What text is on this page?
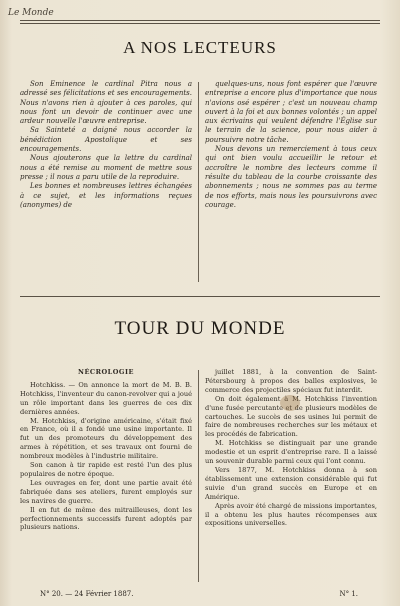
Le Monde
A NOS LECTEURS

Son Éminence le cardinal Pitra nous a adressé ses félicitations et ses encouragements. Nous n'avons rien à ajouter à ces paroles, qui nous font un devoir de continuer avec une ardeur nouvelle l'œuvre entreprise.

Sa Sainteté a daigné nous accorder la bénédiction Apostolique et ses encouragements.

Nous ajouterons que la lettre du cardinal nous a été remise au moment de mettre sous presse ; il nous a paru utile de la reproduire.

Les bonnes et nombreuses lettres échangées à ce sujet, et les informations reçues (anonymes) de

quelques-uns, nous font espérer que l'œuvre entreprise a encore plus d'importance que nous n'avions osé espérer ; c'est un nouveau champ ouvert à la foi et aux bonnes volontés ; un appel aux écrivains qui veulent défendre l'Église sur le terrain de la science, pour nous aider à poursuivre notre tâche.

Nous devons un remerciement à tous ceux qui ont bien voulu accueillir le retour et accroître le nombre des lecteurs comme il résulte du tableau de la courbe croissante des abonnements ; nous ne sommes pas au terme de nos efforts, mais nous les poursuivrons avec courage.

TOUR DU MONDE
NÉCROLOGIE

Hotchkiss. — On annonce la mort de M. B. B. Hotchkiss, l'inventeur du canon-revolver qui a joué un rôle important dans les guerres de ces dix dernières années.

M. Hotchkiss, d'origine américaine, s'était fixé en France, où il a fondé une usine importante. Il fut un des promoteurs du développement des armes à répétition, et ses travaux ont fourni de nombreux modèles à l'industrie militaire.

Son canon à tir rapide est resté l'un des plus populaires de notre époque.

Les ouvrages en fer, dont une partie avait été fabriquée dans ses ateliers, furent employés sur les navires de guerre.

Il en fut de même des mitrailleuses, dont les perfectionnements successifs furent adoptés par plusieurs nations.

juillet 1881, à la convention de Saint-Pétersbourg à propos des balles explosives, le commerce des projectiles spéciaux fut interdit.

On doit également à M. Hotchkiss l'invention d'une fusée percutante et de plusieurs modèles de cartouches. Le succès de ses usines lui permit de faire de nombreuses recherches sur les métaux et les procédés de fabrication.

M. Hotchkiss se distinguait par une grande modestie et un esprit d'entreprise rare. Il a laissé un souvenir durable parmi ceux qui l'ont connu.

Vers 1877, M. Hotchkiss donna à son établissement une extension considérable qui fut suivie d'un grand succès en Europe et en Amérique.

Après avoir été chargé de missions importantes, il a obtenu les plus hautes récompenses aux expositions universelles.

N° 20. — 24 Février 1887.	N° 1.
